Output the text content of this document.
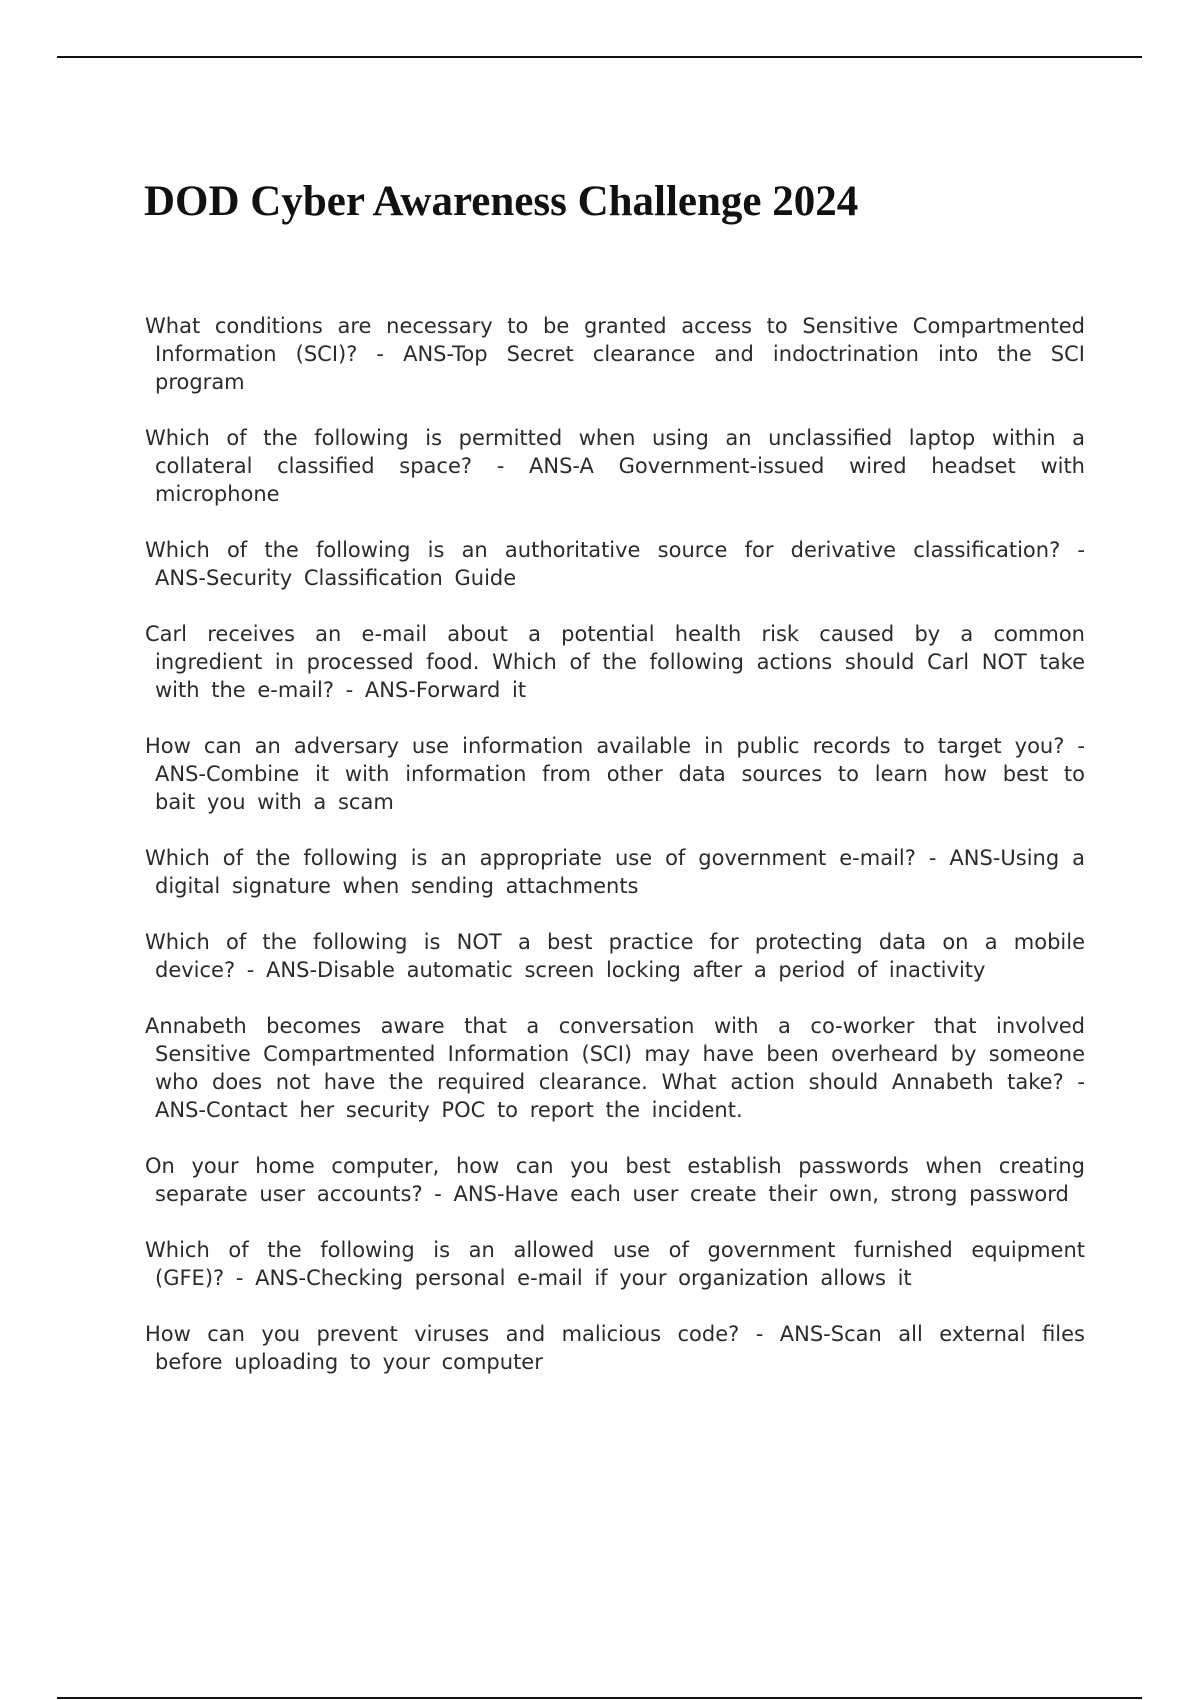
DOD Cyber Awareness Challenge 2024

What conditions are necessary to be granted access to Sensitive Compartmented Information (SCI)? - ANS-Top Secret clearance and indoctrination into the SCI program

Which of the following is permitted when using an unclassified laptop within a collateral classified space? - ANS-A Government-issued wired headset with microphone

Which of the following is an authoritative source for derivative classification? - ANS-Security Classification Guide

Carl receives an e-mail about a potential health risk caused by a common ingredient in processed food. Which of the following actions should Carl NOT take with the e-mail? - ANS-Forward it

How can an adversary use information available in public records to target you? - ANS-Combine it with information from other data sources to learn how best to bait you with a scam

Which of the following is an appropriate use of government e-mail? - ANS-Using a digital signature when sending attachments

Which of the following is NOT a best practice for protecting data on a mobile device? - ANS-Disable automatic screen locking after a period of inactivity

Annabeth becomes aware that a conversation with a co-worker that involved Sensitive Compartmented Information (SCI) may have been overheard by someone who does not have the required clearance. What action should Annabeth take? - ANS-Contact her security POC to report the incident.

On your home computer, how can you best establish passwords when creating separate user accounts? - ANS-Have each user create their own, strong password

Which of the following is an allowed use of government furnished equipment (GFE)? - ANS-Checking personal e-mail if your organization allows it

How can you prevent viruses and malicious code? - ANS-Scan all external files before uploading to your computer
